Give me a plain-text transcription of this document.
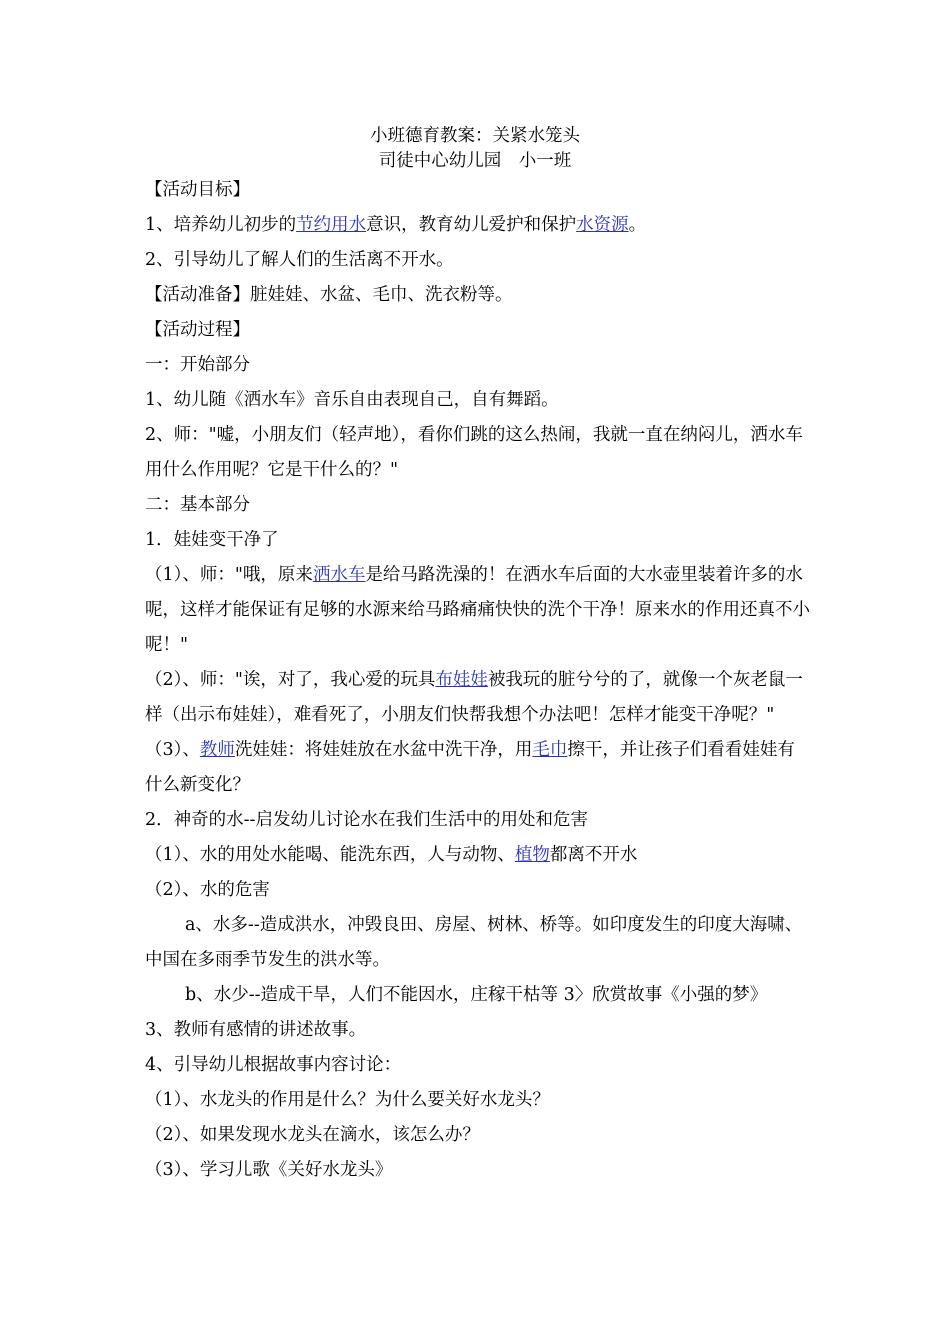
小班德育教案：关紧水笼头
司徒中心幼儿园　小一班
【活动目标】
1、培养幼儿初步的节约用水意识，教育幼儿爱护和保护水资源。
2、引导幼儿了解人们的生活离不开水。
【活动准备】脏娃娃、水盆、毛巾、洗衣粉等。
【活动过程】
一：开始部分
1、幼儿随《洒水车》音乐自由表现自己，自有舞蹈。
2、师："嘘，小朋友们（轻声地），看你们跳的这么热闹，我就一直在纳闷儿，洒水车用什么作用呢？它是干什么的？"
二：基本部分
1．娃娃变干净了
（1）、师："哦，原来洒水车是给马路洗澡的！在洒水车后面的大水壶里装着许多的水呢，这样才能保证有足够的水源来给马路痛痛快快的洗个干净！原来水的作用还真不小呢！"
（2）、师："诶，对了，我心爱的玩具布娃娃被我玩的脏兮兮的了，就像一个灰老鼠一样（出示布娃娃），难看死了，小朋友们快帮我想个办法吧！怎样才能变干净呢？"
（3）、教师洗娃娃：将娃娃放在水盆中洗干净，用毛巾擦干，并让孩子们看看娃娃有什么新变化？
2．神奇的水--启发幼儿讨论水在我们生活中的用处和危害
（1）、水的用处水能喝、能洗东西，人与动物、植物都离不开水
（2）、水的危害
a、水多--造成洪水，冲毁良田、房屋、树林、桥等。如印度发生的印度大海啸、中国在多雨季节发生的洪水等。
b、水少--造成干旱，人们不能因水，庄稼干枯等 3〉欣赏故事《小强的梦》
3、教师有感情的讲述故事。
4、引导幼儿根据故事内容讨论：
（1）、水龙头的作用是什么？为什么要关好水龙头？
（2）、如果发现水龙头在滴水，该怎么办？
（3）、学习儿歌《关好水龙头》
